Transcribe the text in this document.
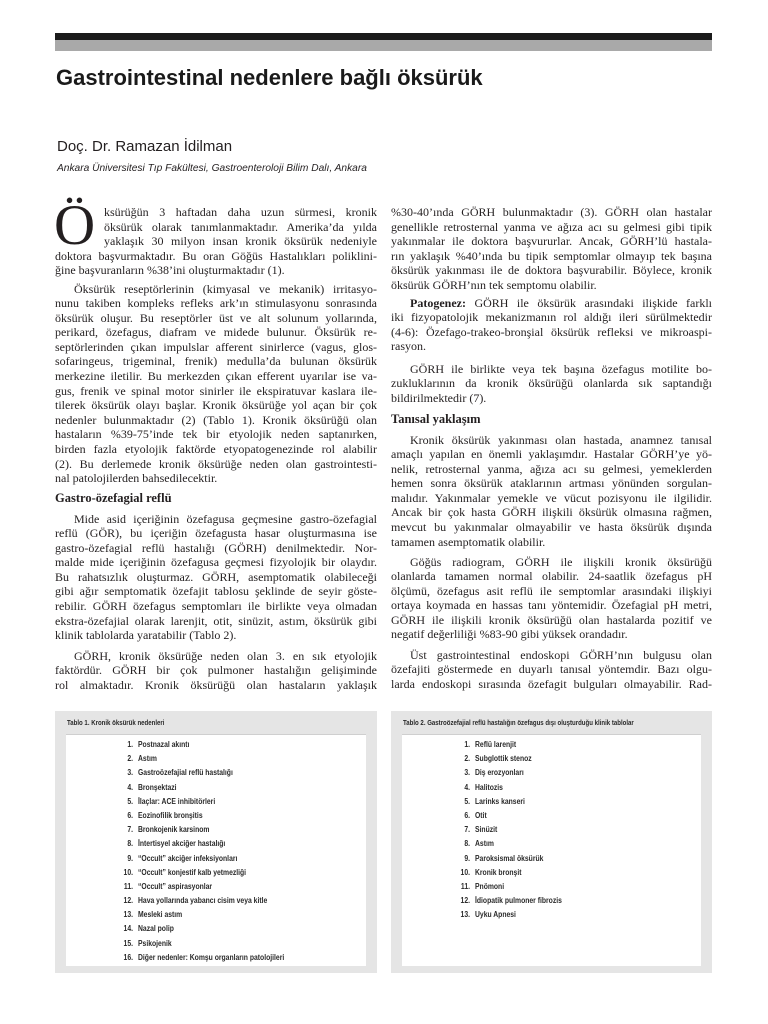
Gastrointestinal nedenlere bağlı öksürük
Doç. Dr. Ramazan İdilman
Ankara Üniversitesi Tıp Fakültesi, Gastroenteroloji Bilim Dalı, Ankara
Ö ksürüğün 3 haftadan daha uzun sürmesi, kronik
öksürük olarak tanımlanmaktadır. Amerika’da yılda
yaklaşık 30 milyon insan kronik öksürük nedeniyle
doktora başvurmaktadır. Bu oran Göğüs Hastalıkları poliklini-
ğine başvuranların %38’ini oluşturmaktadır (1).
Öksürük reseptörlerinin (kimyasal ve mekanik) irritasyo-
nunu takiben kompleks refleks ark’ın stimulasyonu sonrasında
öksürük oluşur. Bu reseptörler üst ve alt solunum yollarında,
perikard, özefagus, diafram ve midede bulunur. Öksürük re-
septörlerinden çıkan impulslar afferent sinirlerce (vagus, glos-
sofaringeus, trigeminal, frenik) medulla’da bulunan öksürük
merkezine iletilir. Bu merkezden çıkan efferent uyarılar ise va-
gus, frenik ve spinal motor sinirler ile ekspiratuvar kaslara ile-
tilerek öksürük olayı başlar. Kronik öksürüğe yol açan bir çok
nedenler bulunmaktadır (2) (Tablo 1). Kronik öksürüğü olan
hastaların %39-75’inde tek bir etyolojik neden saptanırken,
birden fazla etyolojik faktörde etyopatogenezinde rol alabilir
(2). Bu derlemede kronik öksürüğe neden olan gastrointesti-
nal patolojilerden bahsedilecektir.
Gastro-özefagial reflü
Mide asid içeriğinin özefagusa geçmesine gastro-özefagial
reflü (GÖR), bu içeriğin özefagusta hasar oluşturmasına ise
gastro-özefagial reflü hastalığı (GÖRH) denilmektedir. Nor-
malde mide içeriğinin özefagusa geçmesi fizyolojik bir olaydır.
Bu rahatsızlık oluşturmaz. GÖRH, asemptomatik olabileceği
gibi ağır semptomatik özefajit tablosu şeklinde de seyir göste-
rebilir. GÖRH özefagus semptomları ile birlikte veya olmadan
ekstra-özefajial olarak larenjit, otit, sinüzit, astım, öksürük gibi
klinik tablolarda yaratabilir (Tablo 2).
GÖRH, kronik öksürüğe neden olan 3. en sık etyolojik
faktördür. GÖRH bir çok pulmoner hastalığın gelişiminde
rol almaktadır. Kronik öksürüğü olan hastaların yaklaşık
%30-40’ında GÖRH bulunmaktadır (3). GÖRH olan hastalar
genellikle retrosternal yanma ve ağıza acı su gelmesi gibi tipik
yakınmalar ile doktora başvururlar. Ancak, GÖRH’lü hastala-
rın yaklaşık %40’ında bu tipik semptomlar olmayıp tek başına
öksürük yakınması ile de doktora başvurabilir. Böylece, kronik
öksürük GÖRH’nın tek semptomu olabilir.
Patogenez: GÖRH ile öksürük arasındaki ilişkide farklı
iki fizyopatolojik mekanizmanın rol aldığı ileri sürülmektedir
(4-6): Özefago-trakeo-bronşial öksürük refleksi ve mikroaspi-
rasyon.
GÖRH ile birlikte veya tek başına özefagus motilite bo-
zukluklarının da kronik öksürüğü olanlarda sık saptandığı
bildirilmektedir (7).
Tanısal yaklaşım
Kronik öksürük yakınması olan hastada, anamnez tanısal
amaçlı yapılan en önemli yaklaşımdır. Hastalar GÖRH’ye yö-
nelik, retrosternal yanma, ağıza acı su gelmesi, yemeklerden
hemen sonra öksürük ataklarının artması yönünden sorgulan-
malıdır. Yakınmalar yemekle ve vücut pozisyonu ile ilgilidir.
Ancak bir çok hasta GÖRH ilişkili öksürük olmasına rağmen,
mevcut bu yakınmalar olmayabilir ve hasta öksürük dışında
tamamen asemptomatik olabilir.
Göğüs radiogram, GÖRH ile ilişkili kronik öksürüğü
olanlarda tamamen normal olabilir. 24-saatlik özefagus pH
ölçümü, özefagus asit reflü ile semptomlar arasındaki ilişkiyi
ortaya koymada en hassas tanı yöntemidir. Özefagial pH metri,
GÖRH ile ilişkili kronik öksürüğü olan hastalarda pozitif ve
negatif değerliliği %83-90 gibi yüksek orandadır.
Üst gastrointestinal endoskopi GÖRH’nın bulgusu olan
özefajiti göstermede en duyarlı tanısal yöntemdir. Bazı olgu-
larda endoskopi sırasında özefagit bulguları olmayabilir. Rad-
Tablo 1. Kronik öksürük nedenleri
1. Postnazal akıntı
2. Astım
3. Gastroözefajial reflü hastalığı
4. Bronşektazi
5. İlaçlar: ACE inhibitörleri
6. Eozinofilik bronşitis
7. Bronkojenik karsinom
8. İntertisyel akciğer hastalığı
9. “Occult” akciğer infeksiyonları
10. “Occult” konjestif kalb yetmezliği
11. “Occult” aspirasyonlar
12. Hava yollarında yabancı cisim veya kitle
13. Mesleki astım
14. Nazal polip
15. Psikojenik
16. Diğer nedenler: Komşu organların patolojileri
Tablo 2. Gastroözefajial reflü hastalığın özefagus dışı oluşturduğu klinik tablolar
1. Reflü larenjit
2. Subglottik stenoz
3. Diş erozyonları
4. Halitozis
5. Larinks kanseri
6. Otit
7. Sinüzit
8. Astım
9. Paroksismal öksürük
10. Kronik bronşit
11. Pnömoni
12. İdiopatik pulmoner fibrozis
13. Uyku Apnesi
